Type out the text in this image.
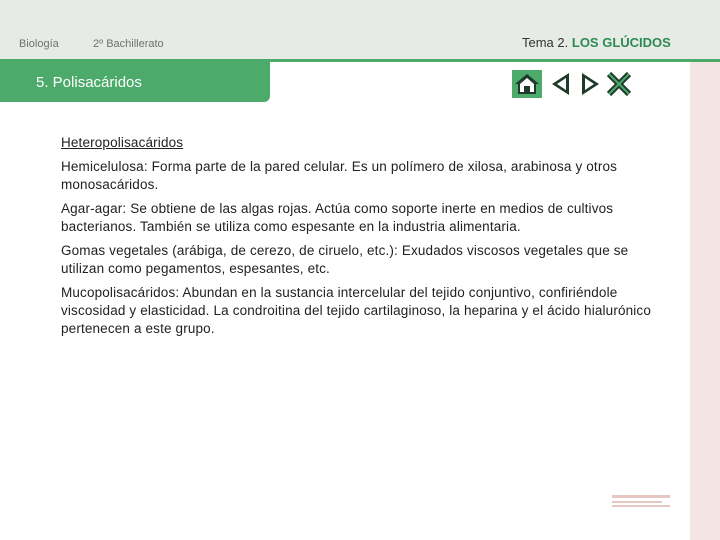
Biología	2º Bachillerato	Tema 2. LOS GLÚCIDOS
5. Polisacáridos
Heteropolisacáridos

Hemicelulosa: Forma parte de la pared celular. Es un polímero de xilosa, arabinosa y otros monosacáridos.

Agar-agar: Se obtiene de las algas rojas. Actúa como soporte inerte en medios de cultivos bacterianos. También se utiliza como espesante en la industria alimentaria.

Gomas vegetales (arábiga, de cerezo, de ciruelo, etc.): Exudados viscosos vegetales que se utilizan como pegamentos, espesantes, etc.

Mucopolisacáridos: Abundan en la sustancia intercelular del tejido conjuntivo, confiriéndole viscosidad y elasticidad. La condroitina del tejido cartilaginoso, la heparina y el ácido hialurónico pertenecen a este grupo.
